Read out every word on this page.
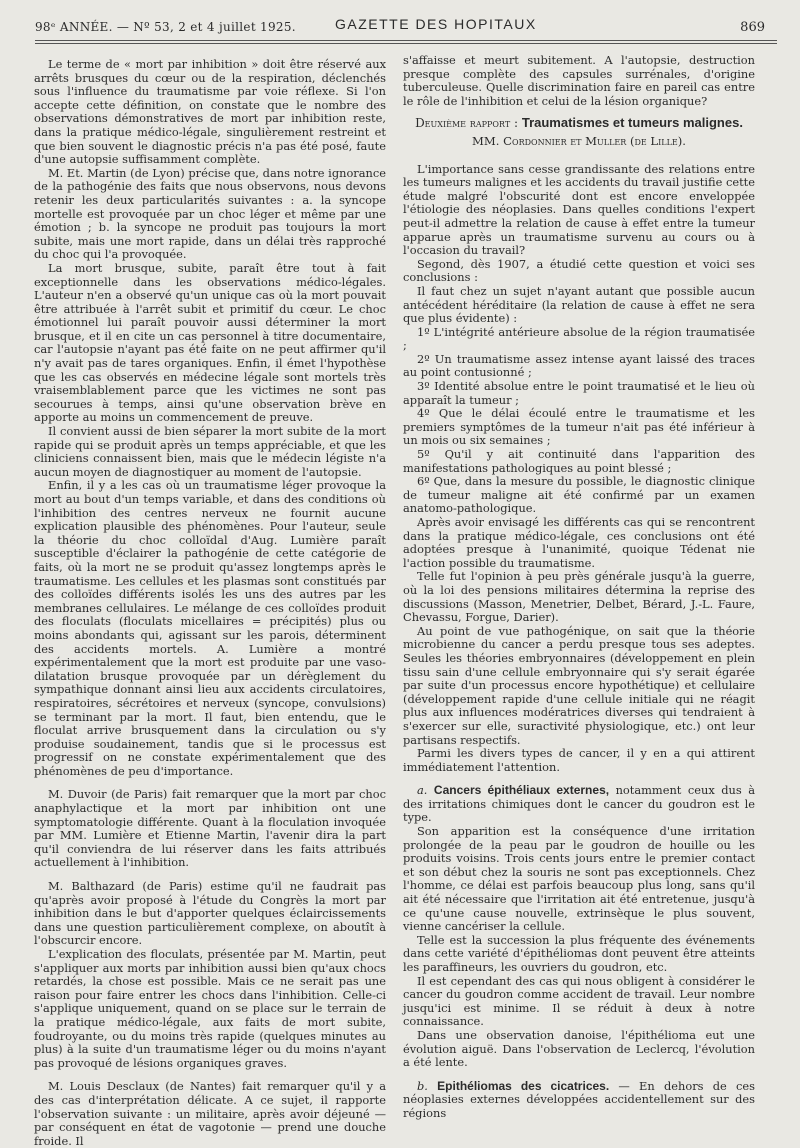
98ᵉ ANNÉE. — Nº 53, 2 et 4 juillet 1925.	GAZETTE DES HOPITAUX	869

Le terme de « mort par inhibition » doit être réservé aux arrêts brusques du cœur ou de la respiration, déclenchés sous l'influence du traumatisme par voie réflexe. Si l'on accepte cette définition, on constate que le nombre des observations démonstratives de mort par inhibition reste, dans la pratique médico-légale, singulièrement restreint et que bien souvent le diagnostic précis n'a pas été posé, faute d'une autopsie suffisamment complète.

M. Et. Martin (de Lyon) précise que, dans notre ignorance de la pathogénie des faits que nous observons, nous devons retenir les deux particularités suivantes : a. la syncope mortelle est provoquée par un choc léger et même par une émotion ; b. la syncope ne produit pas toujours la mort subite, mais une mort rapide, dans un délai très rapproché du choc qui l'a provoquée.

La mort brusque, subite, paraît être tout à fait exceptionnelle dans les observations médico-légales. L'auteur n'en a observé qu'un unique cas où la mort pouvait être attribuée à l'arrêt subit et primitif du cœur. Le choc émotionnel lui paraît pouvoir aussi déterminer la mort brusque, et il en cite un cas personnel à titre documentaire, car l'autopsie n'ayant pas été faite on ne peut affirmer qu'il n'y avait pas de tares organiques. Enfin, il émet l'hypothèse que les cas observés en médecine légale sont mortels très vraisemblablement parce que les victimes ne sont pas secourues à temps, ainsi qu'une observation brève en apporte au moins un commencement de preuve.

Il convient aussi de bien séparer la mort subite de la mort rapide qui se produit après un temps appréciable, et que les cliniciens connaissent bien, mais que le médecin légiste n'a aucun moyen de diagnostiquer au moment de l'autopsie.

Enfin, il y a les cas où un traumatisme léger provoque la mort au bout d'un temps variable, et dans des conditions où l'inhibition des centres nerveux ne fournit aucune explication plausible des phénomènes. Pour l'auteur, seule la théorie du choc colloïdal d'Aug. Lumière paraît susceptible d'éclairer la pathogénie de cette catégorie de faits, où la mort ne se produit qu'assez longtemps après le traumatisme. Les cellules et les plasmas sont constitués par des colloïdes différents isolés les uns des autres par les membranes cellulaires. Le mélange de ces colloïdes produit des floculats (floculats micellaires = précipités) plus ou moins abondants qui, agissant sur les parois, déterminent des accidents mortels. A. Lumière a montré expérimentalement que la mort est produite par une vaso-dilatation brusque provoquée par un dérèglement du sympathique donnant ainsi lieu aux accidents circulatoires, respiratoires, sécrétoires et nerveux (syncope, convulsions) se terminant par la mort. Il faut, bien entendu, que le floculat arrive brusquement dans la circulation ou s'y produise soudainement, tandis que si le processus est progressif on ne constate expérimentalement que des phénomènes de peu d'importance.

M. Duvoir (de Paris) fait remarquer que la mort par choc anaphylactique et la mort par inhibition ont une symptomatologie différente. Quant à la floculation invoquée par MM. Lumière et Etienne Martin, l'avenir dira la part qu'il conviendra de lui réserver dans les faits attribués actuellement à l'inhibition.

M. Balthazard (de Paris) estime qu'il ne faudrait pas qu'après avoir proposé à l'étude du Congrès la mort par inhibition dans le but d'apporter quelques éclaircissements dans une question particulièrement complexe, on aboutît à l'obscurcir encore.

L'explication des floculats, présentée par M. Martin, peut s'appliquer aux morts par inhibition aussi bien qu'aux chocs retardés, la chose est possible. Mais ce ne serait pas une raison pour faire entrer les chocs dans l'inhibition. Celle-ci s'applique uniquement, quand on se place sur le terrain de la pratique médico-légale, aux faits de mort subite, foudroyante, ou du moins très rapide (quelques minutes au plus) à la suite d'un traumatisme léger ou du moins n'ayant pas provoqué de lésions organiques graves.

M. Louis Desclaux (de Nantes) fait remarquer qu'il y a des cas d'interprétation délicate. A ce sujet, il rapporte l'observation suivante : un militaire, après avoir déjeuné — par conséquent en état de vagotonie — prend une douche froide. Il

s'affaisse et meurt subitement. A l'autopsie, destruction presque complète des capsules surrénales, d'origine tuberculeuse. Quelle discrimination faire en pareil cas entre le rôle de l'inhibition et celui de la lésion organique?

Deuxième rapport : Traumatismes et tumeurs malignes.
MM. Cordonnier et Muller (de Lille).

L'importance sans cesse grandissante des relations entre les tumeurs malignes et les accidents du travail justifie cette étude malgré l'obscurité dont est encore enveloppée l'étiologie des néoplasies. Dans quelles conditions l'expert peut-il admettre la relation de cause à effet entre la tumeur apparue après un traumatisme survenu au cours ou à l'occasion du travail?

Segond, dès 1907, a étudié cette question et voici ses conclusions :

Il faut chez un sujet n'ayant autant que possible aucun antécédent héréditaire (la relation de cause à effet ne sera que plus évidente) :

1º L'intégrité antérieure absolue de la région traumatisée ;

2º Un traumatisme assez intense ayant laissé des traces au point contusionné ;

3º Identité absolue entre le point traumatisé et le lieu où apparaît la tumeur ;

4º Que le délai écoulé entre le traumatisme et les premiers symptômes de la tumeur n'ait pas été inférieur à un mois ou six semaines ;

5º Qu'il y ait continuité dans l'apparition des manifestations pathologiques au point blessé ;

6º Que, dans la mesure du possible, le diagnostic clinique de tumeur maligne ait été confirmé par un examen anatomo-pathologique.

Après avoir envisagé les différents cas qui se rencontrent dans la pratique médico-légale, ces conclusions ont été adoptées presque à l'unanimité, quoique Tédenat nie l'action possible du traumatisme.

Telle fut l'opinion à peu près générale jusqu'à la guerre, où la loi des pensions militaires détermina la reprise des discussions (Masson, Menetrier, Delbet, Bérard, J.-L. Faure, Chevassu, Forgue, Darier).

Au point de vue pathogénique, on sait que la théorie microbienne du cancer a perdu presque tous ses adeptes. Seules les théories embryonnaires (développement en plein tissu sain d'une cellule embryonnaire qui s'y serait égarée par suite d'un processus encore hypothétique) et cellulaire (développement rapide d'une cellule initiale qui ne réagit plus aux influences modératrices diverses qui tendraient à s'exercer sur elle, suractivité physiologique, etc.) ont leur partisans respectifs.

Parmi les divers types de cancer, il y en a qui attirent immédiatement l'attention.

a. Cancers épithéliaux externes, notamment ceux dus à des irritations chimiques dont le cancer du goudron est le type.

Son apparition est la conséquence d'une irritation prolongée de la peau par le goudron de houille ou les produits voisins. Trois cents jours entre le premier contact et son début chez la souris ne sont pas exceptionnels. Chez l'homme, ce délai est parfois beaucoup plus long, sans qu'il ait été nécessaire que l'irritation ait été entretenue, jusqu'à ce qu'une cause nouvelle, extrinsèque le plus souvent, vienne cancériser la cellule.

Telle est la succession la plus fréquente des événements dans cette variété d'épithéliomas dont peuvent être atteints les paraffineurs, les ouvriers du goudron, etc.

Il est cependant des cas qui nous obligent à considérer le cancer du goudron comme accident de travail. Leur nombre jusqu'ici est minime. Il se réduit à deux à notre connaissance.

Dans une observation danoise, l'épithélioma eut une évolution aiguë. Dans l'observation de Leclercq, l'évolution a été lente.

b. Epithéliomas des cicatrices. — En dehors de ces néoplasies externes développées accidentellement sur des régions
